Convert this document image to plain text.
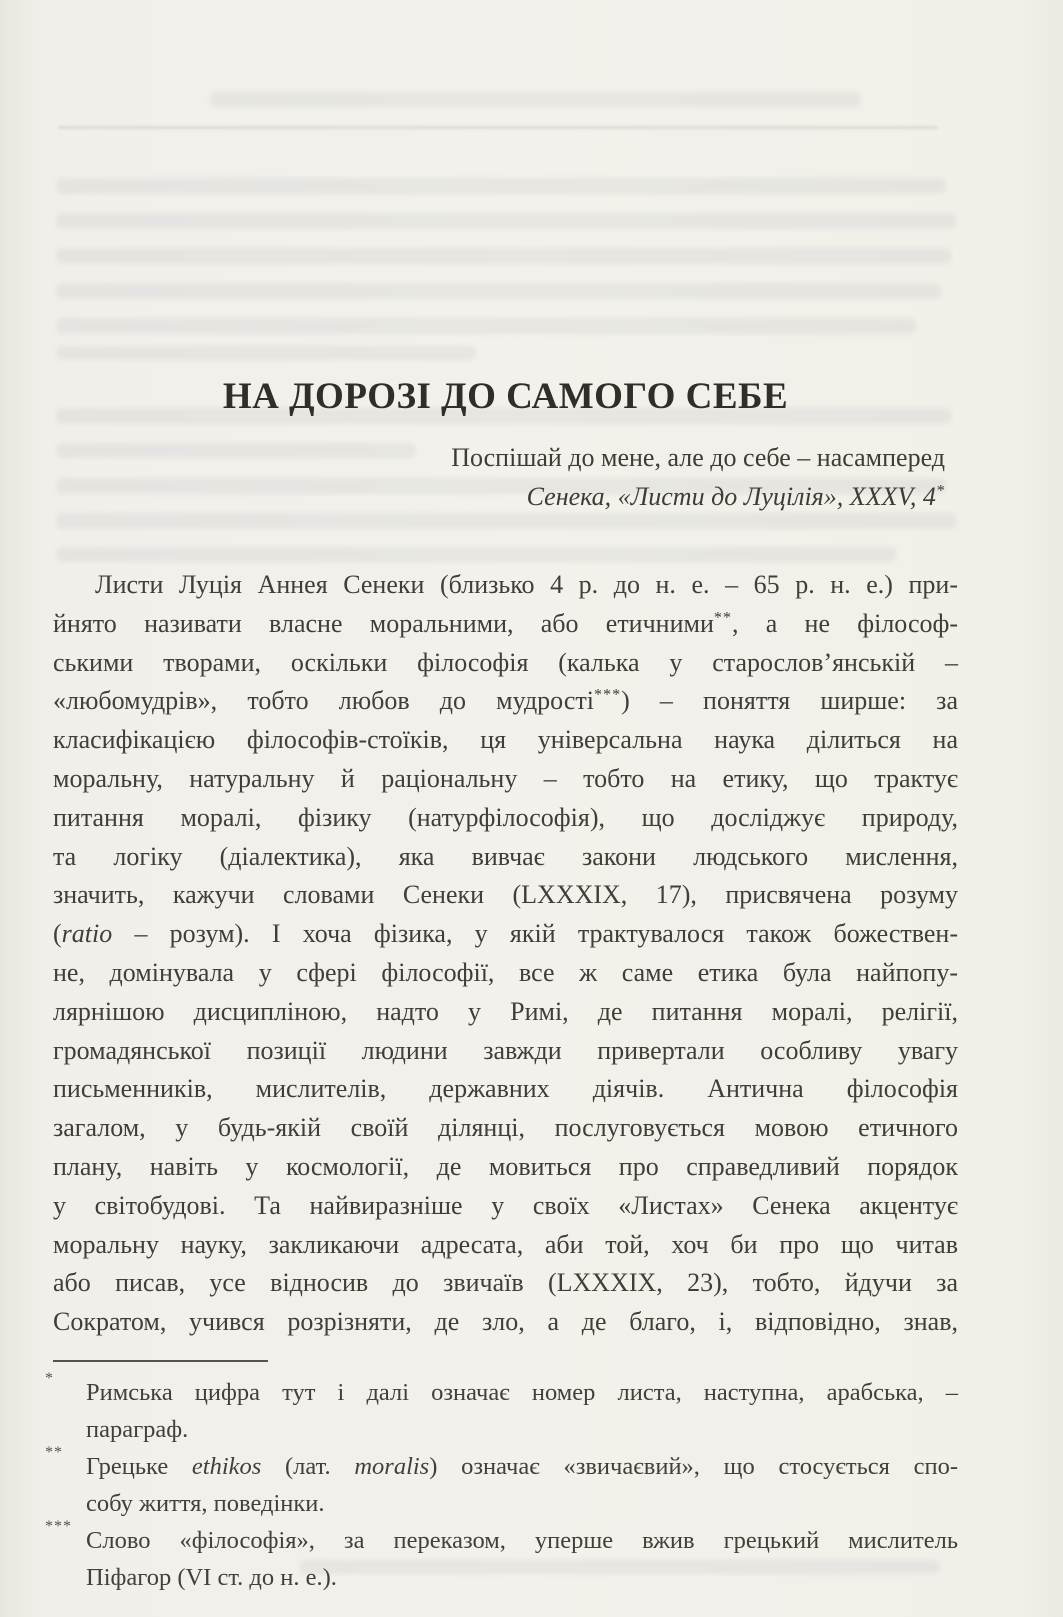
НА ДОРОЗІ ДО САМОГО СЕБЕ
Поспішай до мене, але до себе – насамперед
Сенека, «Листи до Луцілія», XXXV, 4*
Листи Луція Аннея Сенеки (близько 4 р. до н. е. – 65 р. н. е.) при-
йнято називати власне моральними, або етичними**, а не філософ-
ськими творами, оскільки філософія (калька у старослов’янській –
«любомудрів», тобто любов до мудрості***) – поняття ширше: за
класифікацією філософів-стоїків, ця універсальна наука ділиться на
моральну, натуральну й раціональну – тобто на етику, що трактує
питання моралі, фізику (натурфілософія), що досліджує природу,
та логіку (діалектика), яка вивчає закони людського мислення,
значить, кажучи словами Сенеки (LXXXIX, 17), присвячена розуму
(ratio – розум). І хоча фізика, у якій трактувалося також божествен-
не, домінувала у сфері філософії, все ж саме етика була найпопу-
лярнішою дисципліною, надто у Римі, де питання моралі, релігії,
громадянської позиції людини завжди привертали особливу увагу
письменників, мислителів, державних діячів. Антична філософія
загалом, у будь-якій своїй ділянці, послуговується мовою етичного
плану, навіть у космології, де мовиться про справедливий порядок
у світобудові. Та найвиразніше у своїх «Листах» Сенека акцентує
моральну науку, закликаючи адресата, аби той, хоч би про що читав
або писав, усе відносив до звичаїв (LXXXIX, 23), тобто, йдучи за
Сократом, учився розрізняти, де зло, а де благо, і, відповідно, знав,
*
Римська цифра тут і далі означає номер листа, наступна, арабська, –
параграф.
**
Грецьке ethikos (лат. moralis) означає «звичаєвий», що стосується спо-
собу життя, поведінки.
***
Слово «філософія», за переказом, уперше вжив грецький мислитель
Піфагор (VI ст. до н. е.).
